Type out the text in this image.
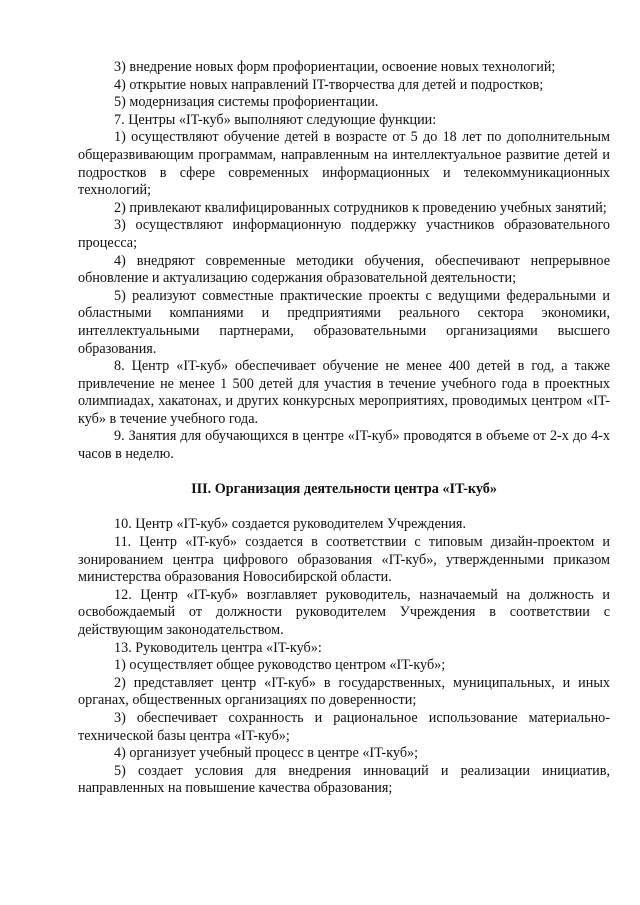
3) внедрение новых форм профориентации, освоение новых технологий;

4) открытие новых направлений IT-творчества для детей и подростков;

5) модернизация системы профориентации.

7. Центры «IT-куб» выполняют следующие функции:

1) осуществляют обучение детей в возрасте от 5 до 18 лет по дополнительным общеразвивающим программам, направленным на интеллектуальное развитие детей и подростков в сфере современных информационных и телекоммуникационных технологий;

2) привлекают квалифицированных сотрудников к проведению учебных занятий;

3) осуществляют информационную поддержку участников образовательного процесса;

4) внедряют современные методики обучения, обеспечивают непрерывное обновление и актуализацию содержания образовательной деятельности;

5) реализуют совместные практические проекты с ведущими федеральными и областными компаниями и предприятиями реального сектора экономики, интеллектуальными партнерами, образовательными организациями высшего образования.

8. Центр «IT-куб» обеспечивает обучение не менее 400 детей в год, а также привлечение не менее 1 500 детей для участия в течение учебного года в проектных олимпиадах, хакатонах, и других конкурсных мероприятиях, проводимых центром «IT-куб» в течение учебного года.

9. Занятия для обучающихся в центре «IT-куб» проводятся в объеме от 2-х до 4-х часов в неделю.

III. Организация деятельности центра «IT-куб»

10. Центр «IT-куб» создается руководителем Учреждения.

11. Центр «IT-куб» создается в соответствии с типовым дизайн-проектом и зонированием центра цифрового образования «IT-куб», утвержденными приказом министерства образования Новосибирской области.

12. Центр «IT-куб» возглавляет руководитель, назначаемый на должность и освобождаемый от должности руководителем Учреждения в соответствии с действующим законодательством.

13. Руководитель центра «IT-куб»:

1) осуществляет общее руководство центром «IT-куб»;

2) представляет центр «IT-куб» в государственных, муниципальных, и иных органах, общественных организациях по доверенности;

3) обеспечивает сохранность и рациональное использование материально-технической базы центра «IT-куб»;

4) организует учебный процесс в центре «IT-куб»;

5) создает условия для внедрения инноваций и реализации инициатив, направленных на повышение качества образования;
